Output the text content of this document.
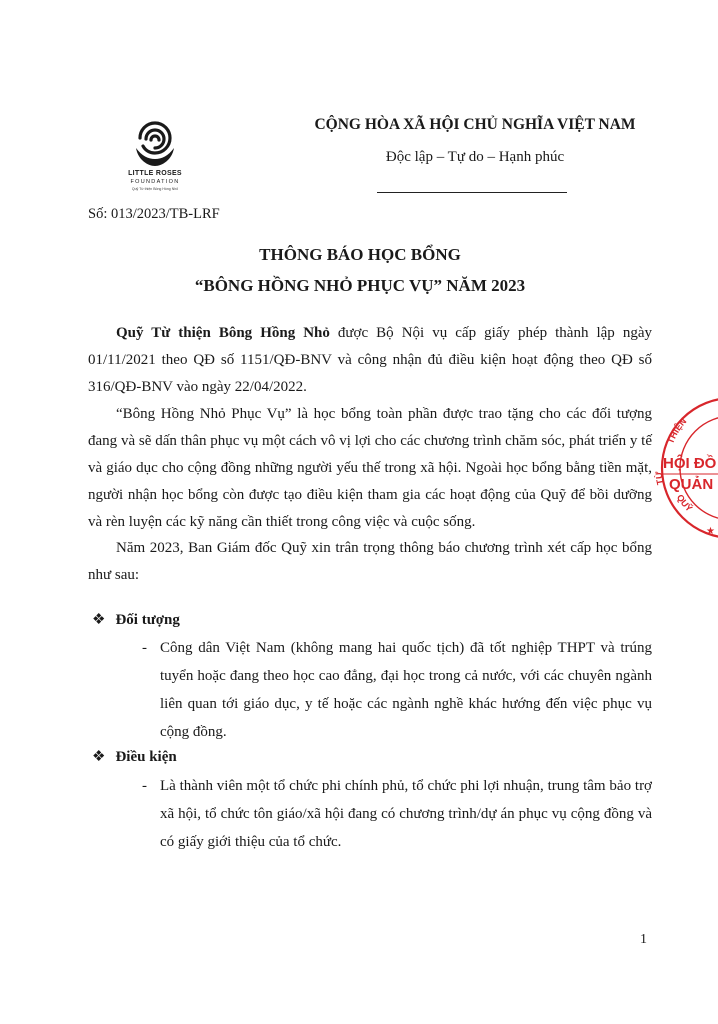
LITTLE ROSES
FOUNDATION
Quỹ Từ thiện Bông Hồng Nhỏ
CỘNG HÒA XÃ HỘI CHỦ NGHĨA VIỆT NAM
Độc lập – Tự do – Hạnh phúc
Số: 013/2023/TB-LRF
THÔNG BÁO HỌC BỔNG
“BÔNG HỒNG NHỎ PHỤC VỤ” NĂM 2023

Quỹ Từ thiện Bông Hồng Nhỏ được Bộ Nội vụ cấp giấy phép thành lập ngày 01/11/2021 theo QĐ số 1151/QĐ-BNV và công nhận đủ điều kiện hoạt động theo QĐ số 316/QĐ-BNV vào ngày 22/04/2022.

“Bông Hồng Nhỏ Phục Vụ” là học bổng toàn phần được trao tặng cho các đối tượng đang và sẽ dấn thân phục vụ một cách vô vị lợi cho các chương trình chăm sóc, phát triển y tế và giáo dục cho cộng đồng những người yếu thế trong xã hội. Ngoài học bổng bằng tiền mặt, người nhận học bổng còn được tạo điều kiện tham gia các hoạt động của Quỹ để bồi dưỡng và rèn luyện các kỹ năng cần thiết trong công việc và cuộc sống.

Năm 2023, Ban Giám đốc Quỹ xin trân trọng thông báo chương trình xét cấp học bổng như sau:

❖ Đối tượng
- Công dân Việt Nam (không mang hai quốc tịch) đã tốt nghiệp THPT và trúng tuyển hoặc đang theo học cao đẳng, đại học trong cả nước, với các chuyên ngành liên quan tới giáo dục, y tế hoặc các ngành nghề khác hướng đến việc phục vụ cộng đồng.
❖ Điều kiện
- Là thành viên một tổ chức phi chính phủ, tổ chức phi lợi nhuận, trung tâm bảo trợ xã hội, tổ chức tôn giáo/xã hội đang có chương trình/dự án phục vụ cộng đồng và có giấy giới thiệu của tổ chức.
1
THIỆN
TỪ
QUỸ
HỘI ĐỒ
QUẢN
★
